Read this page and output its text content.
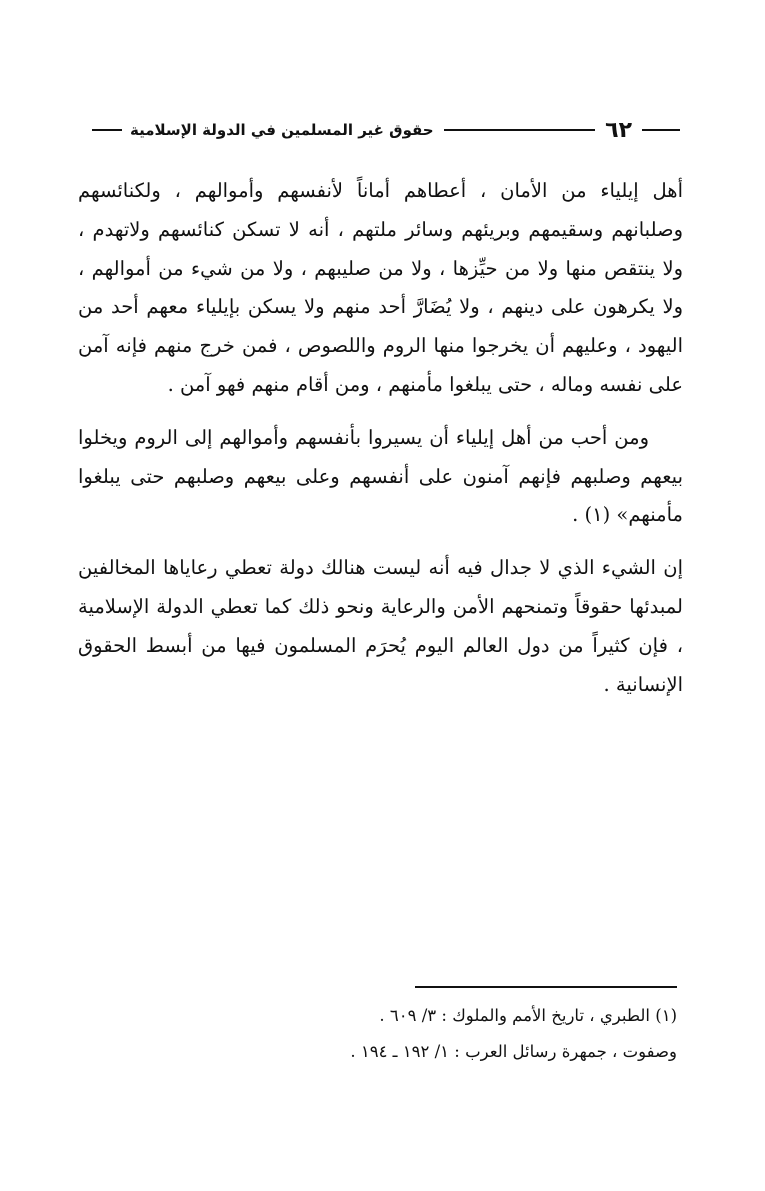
حقوق غير المسلمين في الدولة الإسلامية	٦٢

أهل إيلياء من الأمان ، أعطاهم أماناً لأنفسهم وأموالهم ، ولكنائسهم وصلبانهم وسقيمهم وبريئهم وسائر ملتهم ، أنه لا تسكن كنائسهم ولاتهدم ، ولا ينتقص منها ولا من حيِّزها ، ولا من صليبهم ، ولا من شيء من أموالهم ، ولا يكرهون على دينهم ، ولا يُضَارَّ أحد منهم ولا يسكن بإيلياء معهم أحد من اليهود ، وعليهم أن يخرجوا منها الروم واللصوص ، فمن خرج منهم فإنه آمن على نفسه وماله ، حتى يبلغوا مأمنهم ، ومن أقام منهم فهو آمن .

ومن أحب من أهل إيلياء أن يسيروا بأنفسهم وأموالهم إلى الروم ويخلوا بيعهم وصلبهم فإنهم آمنون على أنفسهم وعلى بيعهم وصلبهم حتى يبلغوا مأمنهم» (١) .

إن الشيء الذي لا جدال فيه أنه ليست هنالك دولة تعطي رعاياها المخالفين لمبدئها حقوقاً وتمنحهم الأمن والرعاية ونحو ذلك كما تعطي الدولة الإسلامية ، فإن كثيراً من دول العالم اليوم يُحرَم المسلمون فيها من أبسط الحقوق الإنسانية .

(١) الطبري ، تاريخ الأمم والملوك : ٣/ ٦٠٩ .

وصفوت ، جمهرة رسائل العرب : ١/ ١٩٢ ـ ١٩٤ .
